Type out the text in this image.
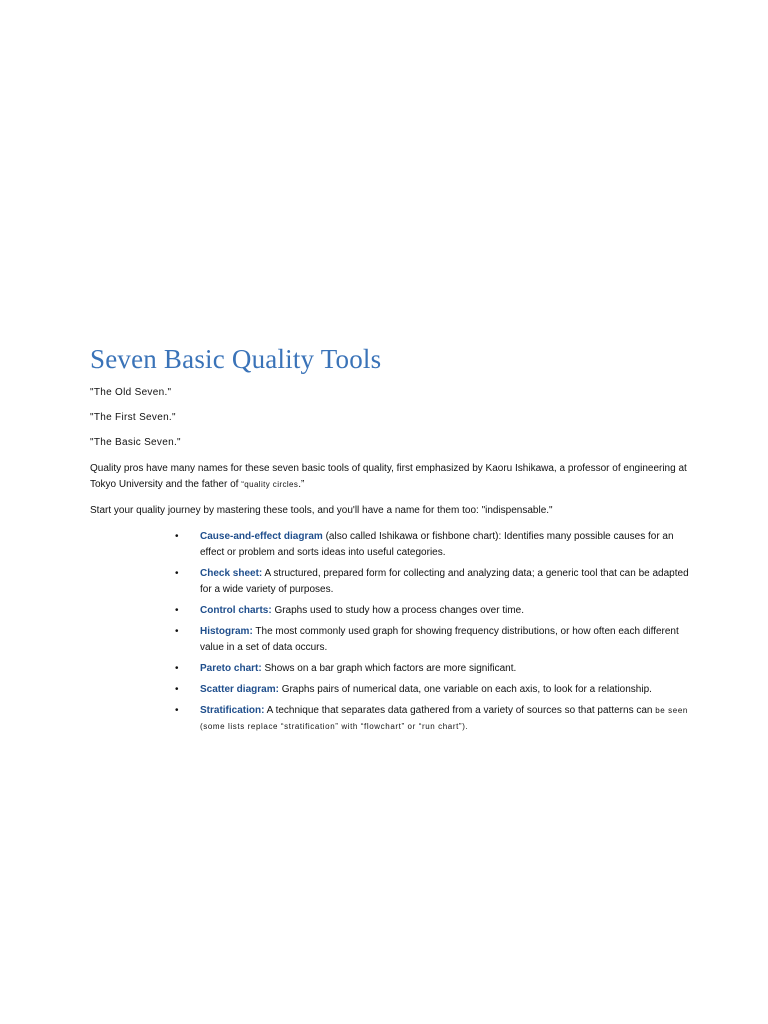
Seven Basic Quality Tools

"The Old Seven."

"The First Seven."

"The Basic Seven."

Quality pros have many names for these seven basic tools of quality, first emphasized by Kaoru Ishikawa, a professor of engineering at Tokyo University and the father of “quality circles.”

Start your quality journey by mastering these tools, and you'll have a name for them too: "indispensable."

• Cause-and-effect diagram (also called Ishikawa or fishbone chart): Identifies many possible causes for an effect or problem and sorts ideas into useful categories.
• Check sheet: A structured, prepared form for collecting and analyzing data; a generic tool that can be adapted for a wide variety of purposes.
• Control charts: Graphs used to study how a process changes over time.
• Histogram: The most commonly used graph for showing frequency distributions, or how often each different value in a set of data occurs.
• Pareto chart: Shows on a bar graph which factors are more significant.
• Scatter diagram: Graphs pairs of numerical data, one variable on each axis, to look for a relationship.
• Stratification: A technique that separates data gathered from a variety of sources so that patterns can be seen (some lists replace “stratification” with “flowchart” or “run chart”).
